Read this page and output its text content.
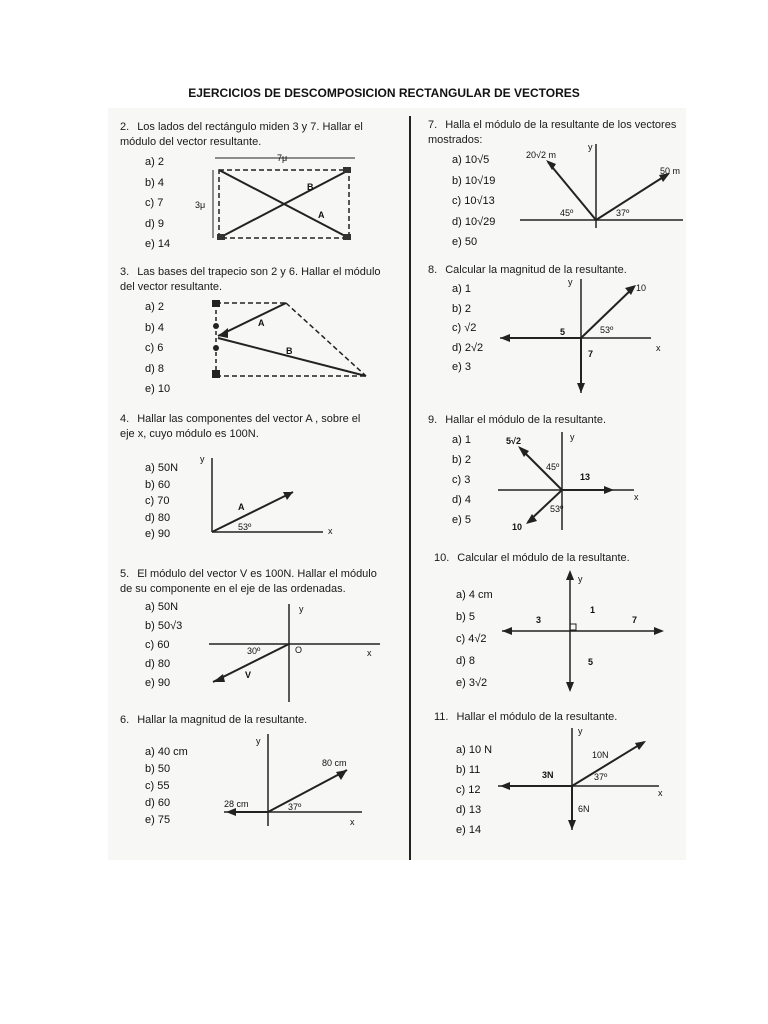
EJERCICIOS DE DESCOMPOSICION RECTANGULAR DE VECTORES
2. Los lados del rectángulo miden 3 y 7. Hallar el
módulo del vector resultante.
a) 2
b) 4
c) 7
d) 9
e) 14
7μ
3μ
B
A
3. Las bases del trapecio son 2 y 6. Hallar el módulo
del vector resultante.
a) 2
b) 4
c) 6
d) 8
e) 10
A
B
4. Hallar las componentes del vector A , sobre el
eje x, cuyo módulo es 100N.
a) 50N
b) 60
c) 70
d) 80
e) 90
y
x
A
53º
5. El módulo del vector V es 100N. Hallar el módulo
de su componente en el eje de las ordenadas.
a) 50N
b) 50√3
c) 60
d) 80
e) 90
y
x
O
30º
V
6. Hallar la magnitud de la resultante.
a) 40 cm
b) 50
c) 55
d) 60
e) 75
y
x
80 cm
28 cm	37º
7. Halla el módulo de la resultante de los vectores
mostrados:
a) 10√5
b) 10√19
c) 10√13
d) 10√29
e) 50
y
20√2 m
50 m
45º	37º
8. Calcular la magnitud de la resultante.
a) 1
b) 2
c) √2
d) 2√2
e) 3
y
x
10
5
7
53º
9. Hallar el módulo de la resultante.
a) 1
b) 2
c) 3
d) 4
e) 5
y
x
5√2
13
10
45º
53º
10. Calcular el módulo de la resultante.
a) 4 cm
b) 5
c) 4√2
d) 8
e) 3√2
y
3
1
7
5
11. Hallar el módulo de la resultante.
a) 10 N
b) 11
c) 12
d) 13
e) 14
y
x
10N
3N
6N
37º
